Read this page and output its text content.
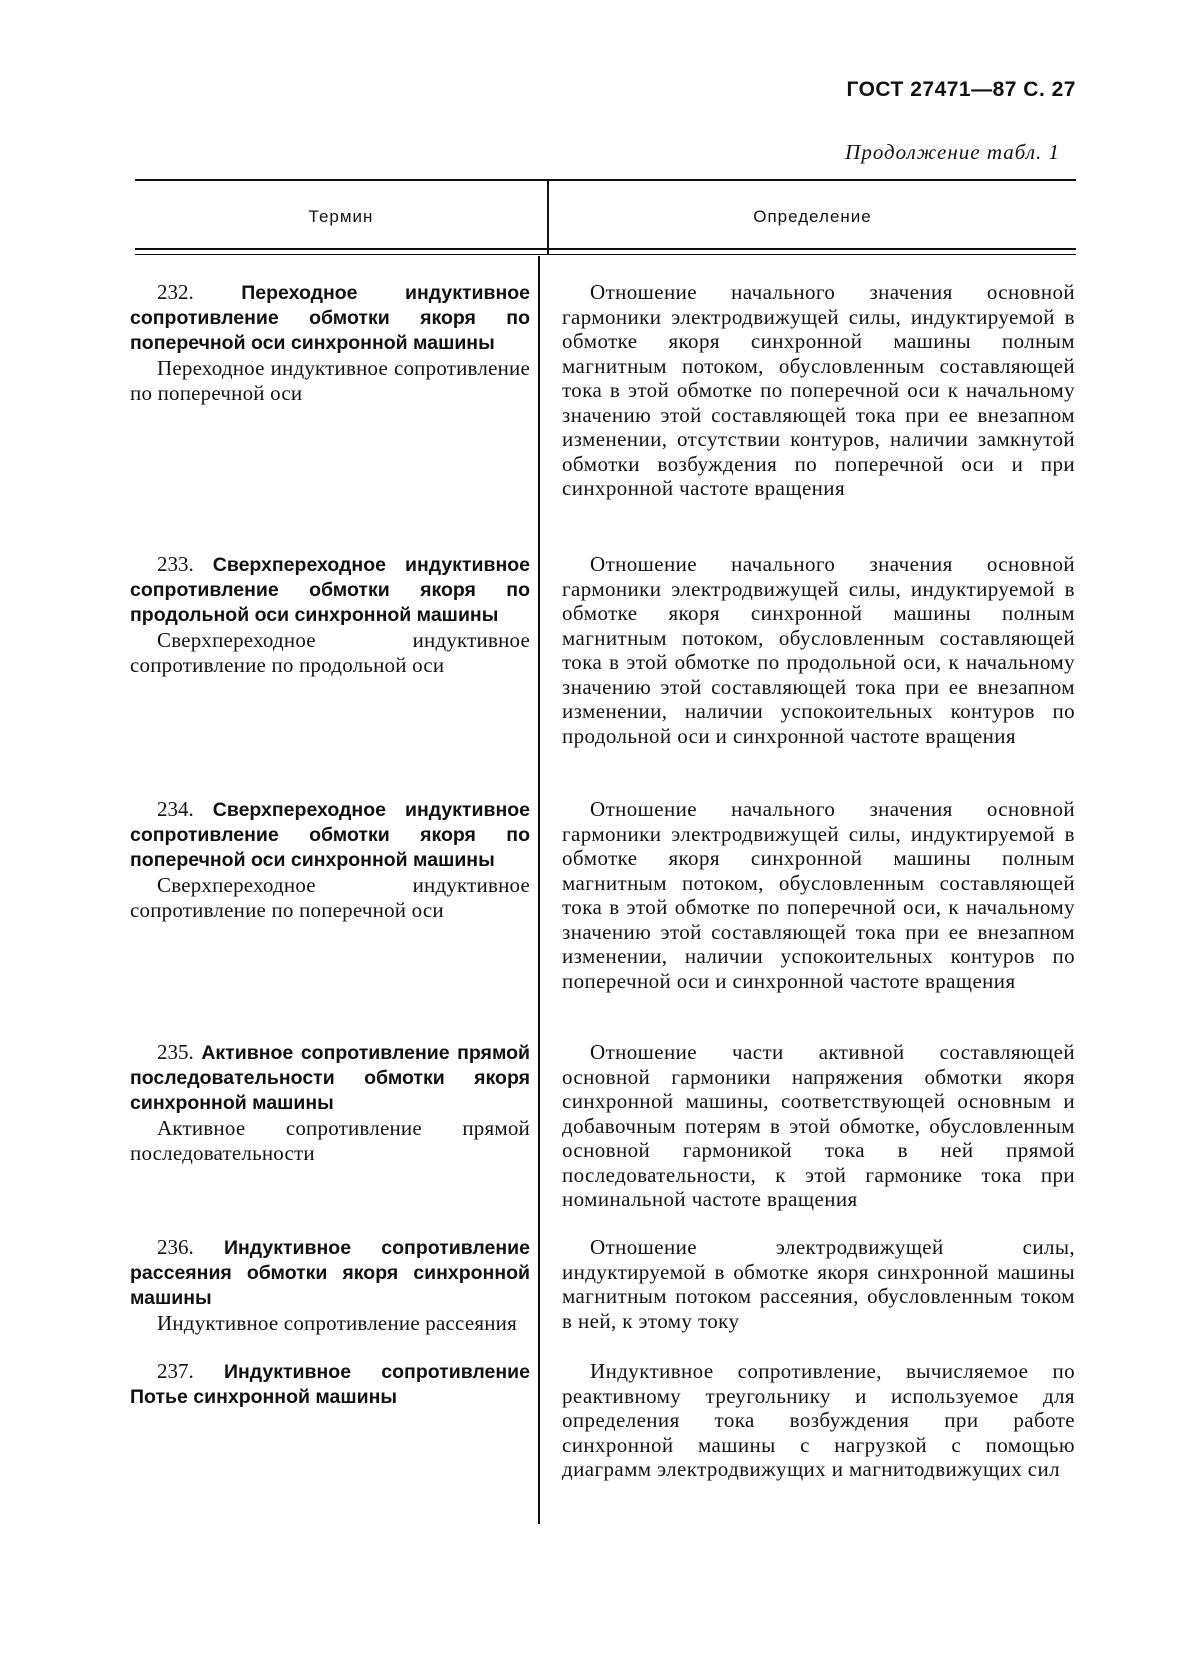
ГОСТ 27471—87 С. 27
Продолжение табл. 1
Термин	Определение
232. Переходное индуктивное сопротивление обмотки якоря по поперечной оси синхронной машины
Переходное индуктивное сопротивление по поперечной оси
Отношение начального значения основной гармоники электродвижущей силы, индуктируемой в обмотке якоря синхронной машины полным магнитным потоком, обусловленным составляющей тока в этой обмотке по поперечной оси к начальному значению этой составляющей тока при ее внезапном изменении, отсутствии контуров, наличии замкнутой обмотки возбуждения по поперечной оси и при синхронной частоте вращения
233. Сверхпереходное индуктивное сопротивление обмотки якоря по продольной оси синхронной машины
Сверхпереходное индуктивное сопротивление по продольной оси
Отношение начального значения основной гармоники электродвижущей силы, индуктируемой в обмотке якоря синхронной машины полным магнитным потоком, обусловленным составляющей тока в этой обмотке по продольной оси, к начальному значению этой составляющей тока при ее внезапном изменении, наличии успокоительных контуров по продольной оси и синхронной частоте вращения
234. Сверхпереходное индуктивное сопротивление обмотки якоря по поперечной оси синхронной машины
Сверхпереходное индуктивное сопротивление по поперечной оси
Отношение начального значения основной гармоники электродвижущей силы, индуктируемой в обмотке якоря синхронной машины полным магнитным потоком, обусловленным составляющей тока в этой обмотке по поперечной оси, к начальному значению этой составляющей тока при ее внезапном изменении, наличии успокоительных контуров по поперечной оси и синхронной частоте вращения
235. Активное сопротивление прямой последовательности обмотки якоря синхронной машины
Активное сопротивление прямой последовательности
Отношение части активной составляющей основной гармоники напряжения обмотки якоря синхронной машины, соответствующей основным и добавочным потерям в этой обмотке, обусловленным основной гармоникой тока в ней прямой последовательности, к этой гармонике тока при номинальной частоте вращения
236. Индуктивное сопротивление рассеяния обмотки якоря синхронной машины
Индуктивное сопротивление рассеяния
Отношение электродвижущей силы, индуктируемой в обмотке якоря синхронной машины магнитным потоком рассеяния, обусловленным током в ней, к этому току
237. Индуктивное сопротивление Потье синхронной машины
Индуктивное сопротивление, вычисляемое по реактивному треугольнику и используемое для определения тока возбуждения при работе синхронной машины с нагрузкой с помощью диаграмм электродвижущих и магнитодвижущих сил
